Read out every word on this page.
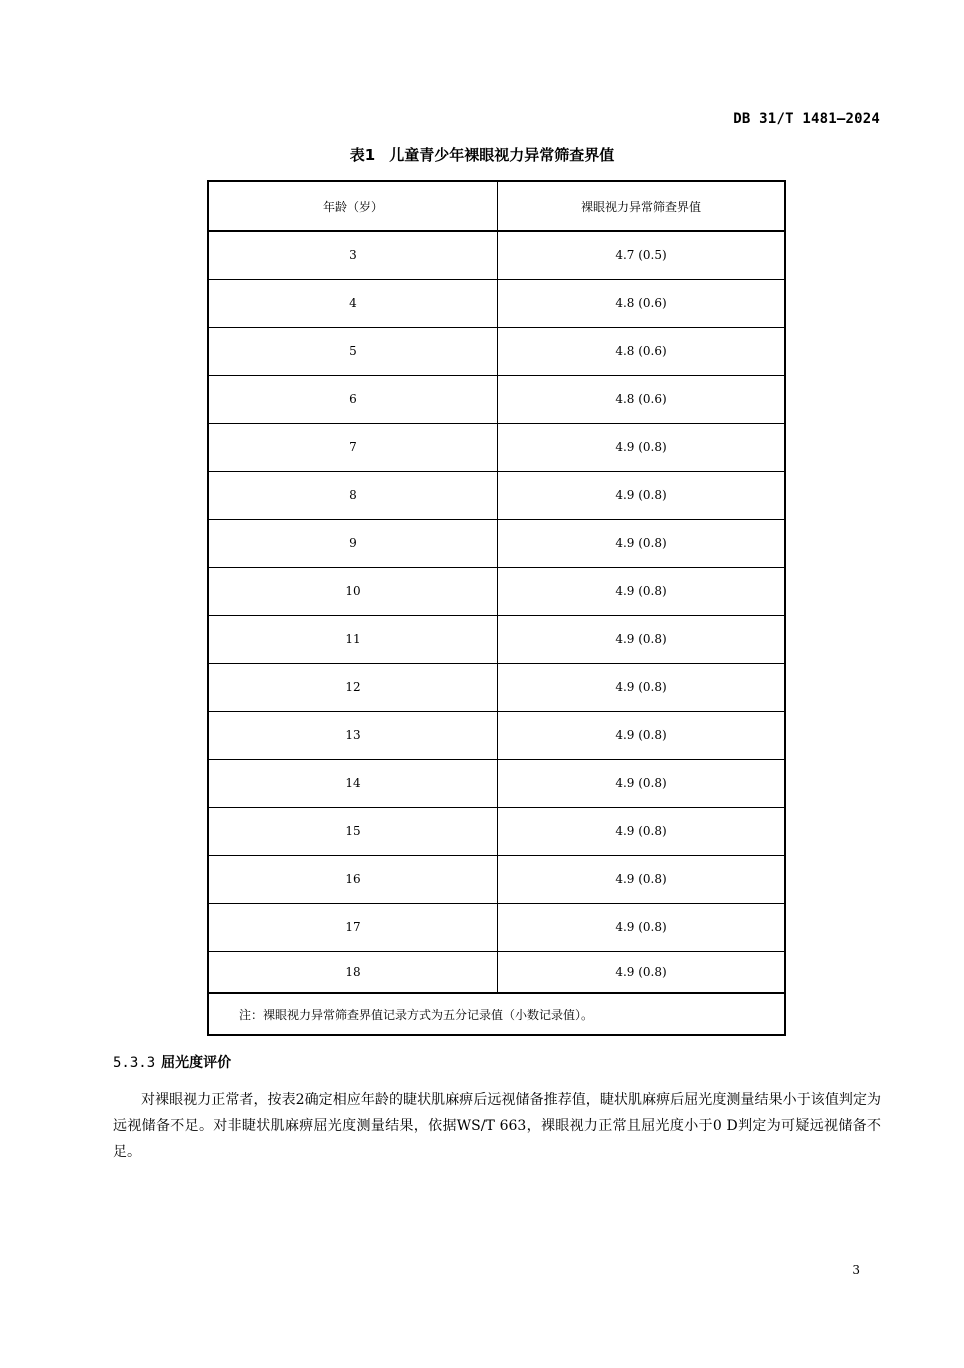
DB 31/T 1481—2024
表1 儿童青少年裸眼视力异常筛查界值
年龄（岁）	裸眼视力异常筛查界值
3	4.7 (0.5)
4	4.8 (0.6)
5	4.8 (0.6)
6	4.8 (0.6)
7	4.9 (0.8)
8	4.9 (0.8)
9	4.9 (0.8)
10	4.9 (0.8)
11	4.9 (0.8)
12	4.9 (0.8)
13	4.9 (0.8)
14	4.9 (0.8)
15	4.9 (0.8)
16	4.9 (0.8)
17	4.9 (0.8)
18	4.9 (0.8)
注：裸眼视力异常筛查界值记录方式为五分记录值（小数记录值）。	
5.3.3 屈光度评价

对裸眼视力正常者，按表2确定相应年龄的睫状肌麻痹后远视储备推荐值，睫状肌麻痹后屈光度测量结果小于该值判定为远视储备不足。对非睫状肌麻痹屈光度测量结果，依据WS/T 663，裸眼视力正常且屈光度小于0 D判定为可疑远视储备不足。

3
